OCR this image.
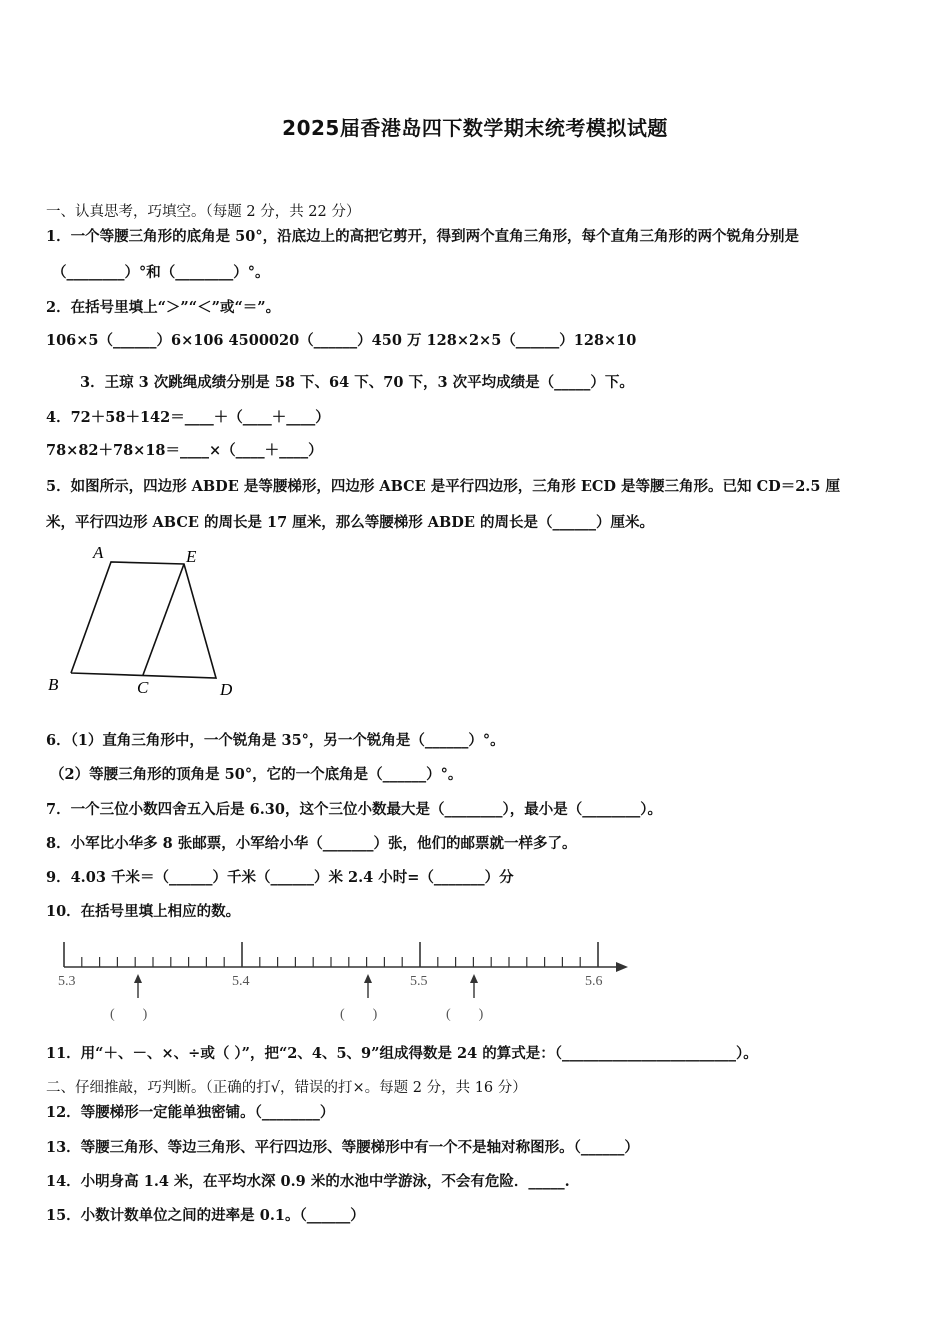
2025届香港岛四下数学期末统考模拟试题
一、认真思考，巧填空。（每题 2 分，共 22 分）
1．一个等腰三角形的底角是 50°，沿底边上的高把它剪开，得到两个直角三角形，每个直角三角形的两个锐角分别是
（________）°和（________）°。
2．在括号里填上“＞”“＜”或“＝”。
106×5（______）6×106 4500020（______）450 万 128×2×5（______）128×10
3．王琼 3 次跳绳成绩分别是 58 下、64 下、70 下，3 次平均成绩是（_____）下。
4．72＋58＋142＝____＋（____＋____）
78×82＋78×18＝____×（____＋____）
5．如图所示，四边形 ABDE 是等腰梯形，四边形 ABCE 是平行四边形，三角形 ECD 是等腰三角形。已知 CD＝2.5 厘
米，平行四边形 ABCE 的周长是 17 厘米，那么等腰梯形 ABDE 的周长是（______）厘米。
A	E
B	C	D
6．（1）直角三角形中，一个锐角是 35°，另一个锐角是（______）°。
（2）等腰三角形的顶角是 50°，它的一个底角是（______）°。
7．一个三位小数四舍五入后是 6.30，这个三位小数最大是（________），最小是（________）。
8．小军比小华多 8 张邮票，小军给小华（_______）张，他们的邮票就一样多了。
9．4.03 千米＝（______）千米（______）米 2.4 小时=（_______）分
10．在括号里填上相应的数。
5.3	5.4	5.5	5.6
(        )	(        )	(        )
11．用“＋、－、×、÷或（ ）”，把“2、4、5、9”组成得数是 24 的算式是：（________________________）。
二、仔细推敲，巧判断。（正确的打√，错误的打×。每题 2 分，共 16 分）
12．等腰梯形一定能单独密铺。（________）
13．等腰三角形、等边三角形、平行四边形、等腰梯形中有一个不是轴对称图形。（______）
14．小明身高 1.4 米，在平均水深 0.9 米的水池中学游泳，不会有危险．_____.
15．小数计数单位之间的进率是 0.1。（______）
